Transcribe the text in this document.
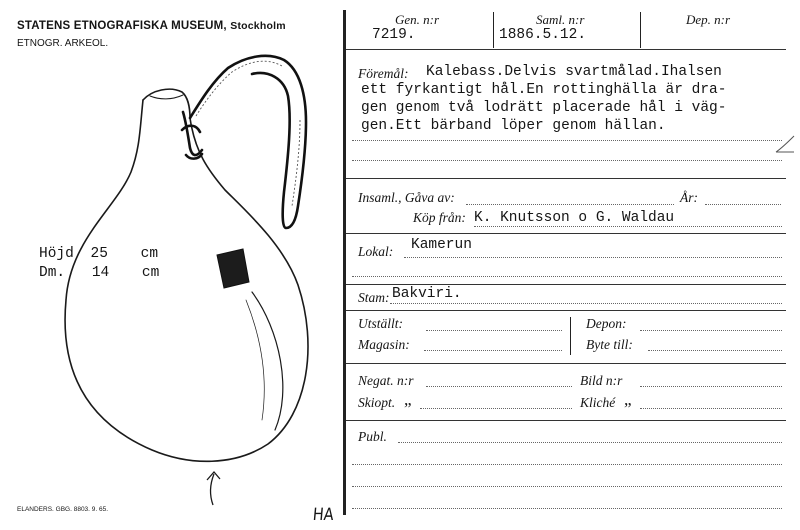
STATENS ETNOGRAFISKA MUSEUM, Stockholm
ETNOGR. ARKEOL.
Höjd 25 cm
Dm. 14 cm
ELANDERS. GBG. 8803. 9. 65.	HA
Gen. n:r
7219.
Saml. n:r
1886.5.12.
Dep. n:r
Föremål: Kalebass.Delvis svartmålad.Ihalsen
ett fyrkantigt hål.En rottinghälla är dra-
gen genom två lodrätt placerade hål i väg-
gen.Ett bärband löper genom hällan.
Insaml., Gåva av:	År:
Köp från: K. Knutsson o G. Waldau
Lokal: Kamerun
Stam: Bakviri.
Utställt:
Magasin:
Depon:
Byte till:
Negat. n:r	Bild n:r
Skiopt. „	Kliché „
Publ.
